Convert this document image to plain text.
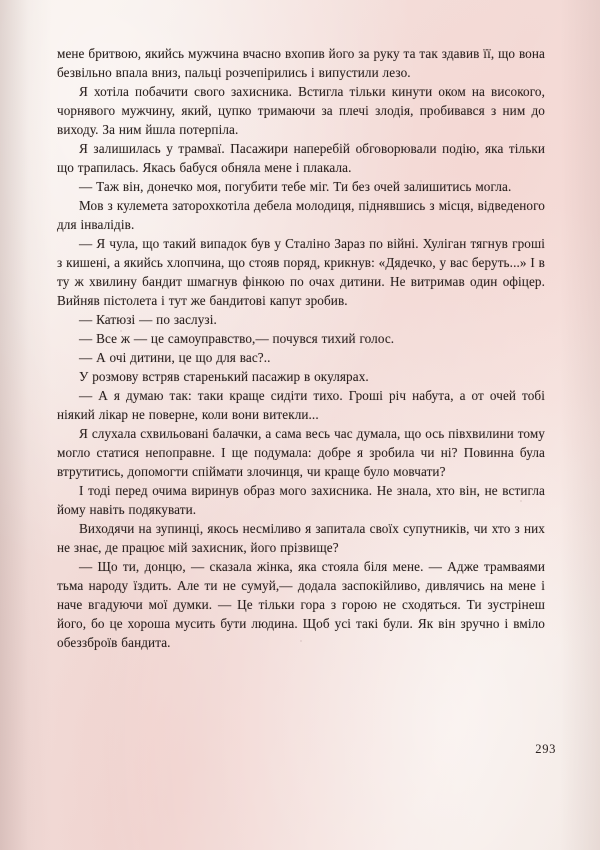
мене бритвою, якийсь мужчина вчасно вхопив його за руку та так здавив її, що вона безвільно впала вниз, пальці розчепірились і випустили лезо.

Я хотіла побачити свого захисника. Встигла тільки кинути оком на високого, чорнявого мужчину, який, цупко тримаючи за плечі злодія, пробивався з ним до виходу. За ним йшла потерпіла.

Я залишилась у трамваї. Пасажири наперебій обговорювали подію, яка тільки що трапилась. Якась бабуся обняла мене і плакала.

— Таж він, донечко моя, погубити тебе міг. Ти без очей залишитись могла.

Мов з кулемета заторохкотіла дебела молодиця, піднявшись з місця, відведеного для інвалідів.

— Я чула, що такий випадок був у Сталіно Зараз по війні. Хуліган тягнув гроші з кишені, а якийсь хлопчина, що стояв поряд, крикнув: «Дядечко, у вас беруть...» І в ту ж хвилину бандит шмагнув фінкою по очах дитини. Не витримав один офіцер. Вийняв пістолета і тут же бандитові капут зробив.

— Катюзі — по заслузі.

— Все ж — це самоуправство,— почувся тихий голос.

— А очі дитини, це що для вас?..

У розмову встряв старенький пасажир в окулярах.

— А я думаю так: таки краще сидіти тихо. Гроші річ набута, а от очей тобі ніякий лікар не поверне, коли вони витекли...

Я слухала схвильовані балачки, а сама весь час думала, що ось півхвилини тому могло статися непоправне. І ще подумала: добре я зробила чи ні? Повинна була втрутитись, допомогти спіймати злочинця, чи краще було мовчати?

І тоді перед очима виринув образ мого захисника. Не знала, хто він, не встигла йому навіть подякувати.

Виходячи на зупинці, якось несміливо я запитала своїх супутників, чи хто з них не знає, де працює мій захисник, його прізвище?

— Що ти, донцю, — сказала жінка, яка стояла біля мене. — Адже трамваями тьма народу їздить. Але ти не сумуй,— додала заспокійливо, дивлячись на мене і наче вгадуючи мої думки. — Це тільки гора з горою не сходяться. Ти зустрінеш його, бо це хороша мусить бути людина. Щоб усі такі були. Як він зручно і вміло обеззброїв бандита.

293
